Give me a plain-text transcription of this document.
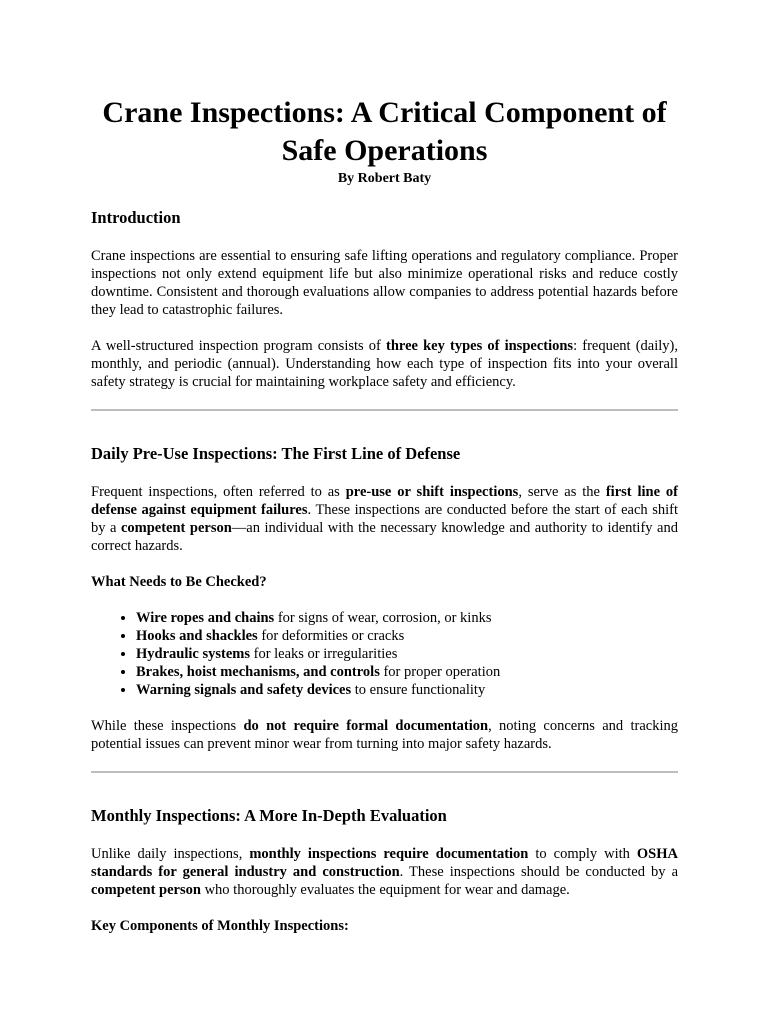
Crane Inspections: A Critical Component of Safe Operations
By Robert Baty
Introduction

Crane inspections are essential to ensuring safe lifting operations and regulatory compliance. Proper inspections not only extend equipment life but also minimize operational risks and reduce costly downtime. Consistent and thorough evaluations allow companies to address potential hazards before they lead to catastrophic failures.

A well-structured inspection program consists of three key types of inspections: frequent (daily), monthly, and periodic (annual). Understanding how each type of inspection fits into your overall safety strategy is crucial for maintaining workplace safety and efficiency.

Daily Pre-Use Inspections: The First Line of Defense

Frequent inspections, often referred to as pre-use or shift inspections, serve as the first line of defense against equipment failures. These inspections are conducted before the start of each shift by a competent person—an individual with the necessary knowledge and authority to identify and correct hazards.

What Needs to Be Checked?
• Wire ropes and chains for signs of wear, corrosion, or kinks
• Hooks and shackles for deformities or cracks
• Hydraulic systems for leaks or irregularities
• Brakes, hoist mechanisms, and controls for proper operation
• Warning signals and safety devices to ensure functionality

While these inspections do not require formal documentation, noting concerns and tracking potential issues can prevent minor wear from turning into major safety hazards.

Monthly Inspections: A More In-Depth Evaluation

Unlike daily inspections, monthly inspections require documentation to comply with OSHA standards for general industry and construction. These inspections should be conducted by a competent person who thoroughly evaluates the equipment for wear and damage.

Key Components of Monthly Inspections:
